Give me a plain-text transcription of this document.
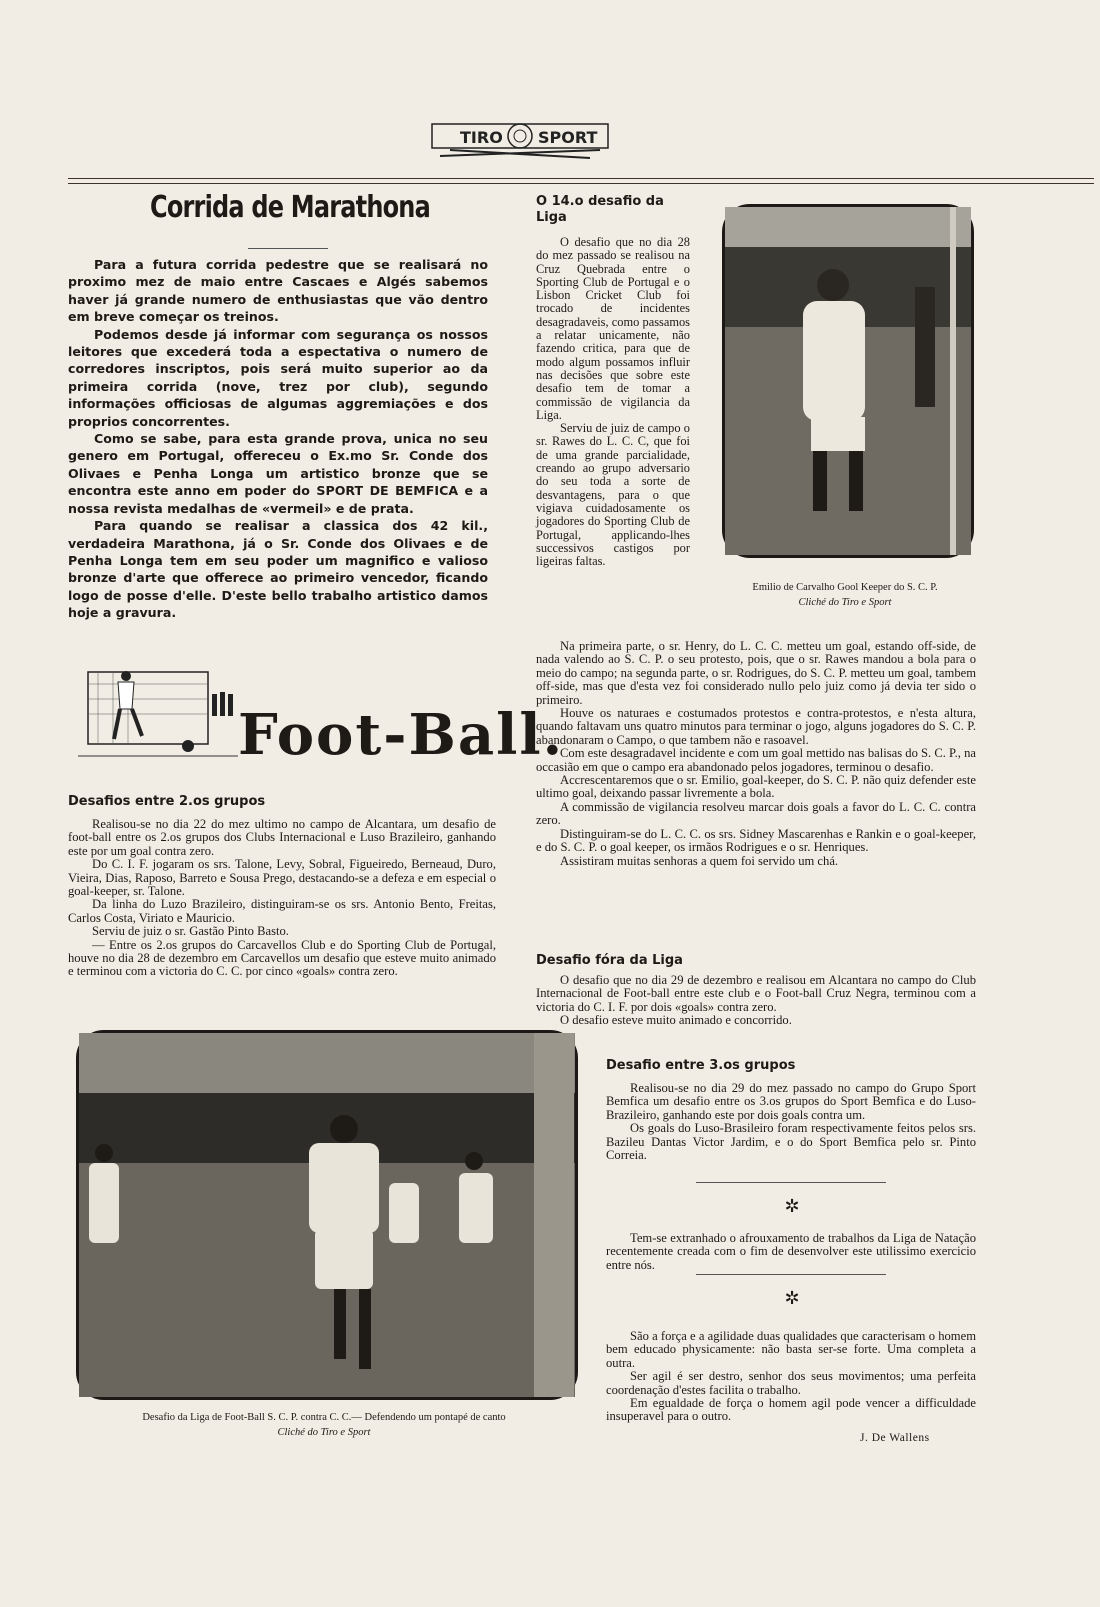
TIRO SPORT
Corrida de Marathona

Para a futura corrida pedestre que se realisará no proximo mez de maio entre Cascaes e Algés sabemos haver já grande numero de enthusiastas que vão dentro em breve começar os treinos.

Podemos desde já informar com segurança os nossos leitores que excederá toda a espectativa o numero de corredores inscriptos, pois será muito superior ao da primeira corrida (nove, trez por club), segundo informações officiosas de algumas aggremiações e dos proprios concorrentes.

Como se sabe, para esta grande prova, unica no seu genero em Portugal, offereceu o Ex.mo Sr. Conde dos Olivaes e Penha Longa um artistico bronze que se encontra este anno em poder do SPORT DE BEMFICA e a nossa revista medalhas de «vermeil» e de prata.

Para quando se realisar a classica dos 42 kil., verdadeira Marathona, já o Sr. Conde dos Olivaes e de Penha Longa tem em seu poder um magnifico e valioso bronze d'arte que offerece ao primeiro vencedor, ficando logo de posse d'elle. D'este bello trabalho artistico damos hoje a gravura.

Foot-Ball.
Desafios entre 2.os grupos

Realisou-se no dia 22 do mez ultimo no campo de Alcantara, um desafio de foot-ball entre os 2.os grupos dos Clubs Internacional e Luso Brazileiro, ganhando este por um goal contra zero.

Do C. I. F. jogaram os srs. Talone, Levy, Sobral, Figueiredo, Berneaud, Duro, Vieira, Dias, Raposo, Barreto e Sousa Prego, destacando-se a defeza e em especial o goal-keeper, sr. Talone.

Da linha do Luzo Brazileiro, distinguiram-se os srs. Antonio Bento, Freitas, Carlos Costa, Viriato e Mauricio.

Serviu de juiz o sr. Gastão Pinto Basto.

— Entre os 2.os grupos do Carcavellos Club e do Sporting Club de Portugal, houve no dia 28 de dezembro em Carcavellos um desafio que esteve muito animado e terminou com a victoria do C. C. por cinco «goals» contra zero.

Desafio da Liga de Foot-Ball S. C. P. contra C. C.— Defendendo um pontapé de canto
Cliché do Tiro e Sport
O 14.o desafio da Liga

O desafio que no dia 28 do mez passado se realisou na Cruz Quebrada entre o Sporting Club de Portugal e o Lisbon Cricket Club foi trocado de incidentes desagradaveis, como passamos a relatar unicamente, não fazendo critica, para que de modo algum possamos influir nas decisões que sobre este desafio tem de tomar a commissão de vigilancia da Liga.

Serviu de juiz de campo o sr. Rawes do L. C. C, que foi de uma grande parcialidade, creando ao grupo adversario do seu toda a sorte de desvantagens, para o que vigiava cuidadosamente os jogadores do Sporting Club de Portugal, applicando-lhes successivos castigos por ligeiras faltas.

Emilio de Carvalho Gool Keeper do S. C. P.
Cliché do Tiro e Sport

Na primeira parte, o sr. Henry, do L. C. C. metteu um goal, estando off-side, de nada valendo ao S. C. P. o seu protesto, pois, que o sr. Rawes mandou a bola para o meio do campo; na segunda parte, o sr. Rodrigues, do S. C. P. metteu um goal, tambem off-side, mas que d'esta vez foi considerado nullo pelo juiz como já devia ter sido o primeiro.

Houve os naturaes e costumados protestos e contra-protestos, e n'esta altura, quando faltavam uns quatro minutos para terminar o jogo, alguns jogadores do S. C. P. abandonaram o Campo, o que tambem não e rasoavel.

Com este desagradavel incidente e com um goal mettido nas balisas do S. C. P., na occasião em que o campo era abandonado pelos jogadores, terminou o desafio.

Accrescentaremos que o sr. Emilio, goal-keeper, do S. C. P. não quiz defender este ultimo goal, deixando passar livremente a bola.

A commissão de vigilancia resolveu marcar dois goals a favor do L. C. C. contra zero.

Distinguiram-se do L. C. C. os srs. Sidney Mascarenhas e Rankin e o goal-keeper, e do S. C. P. o goal keeper, os irmãos Rodrigues e o sr. Henriques.

Assistiram muitas senhoras a quem foi servido um chá.

Desafio fóra da Liga

O desafio que no dia 29 de dezembro e realisou em Alcantara no campo do Club Internacional de Foot-ball entre este club e o Foot-ball Cruz Negra, terminou com a victoria do C. I. F. por dois «goals» contra zero.

O desafio esteve muito animado e concorrido.

Desafio entre 3.os grupos

Realisou-se no dia 29 do mez passado no campo do Grupo Sport Bemfica um desafio entre os 3.os grupos do Sport Bemfica e do Luso-Brazileiro, ganhando este por dois goals contra um.

Os goals do Luso-Brasileiro foram respectivamente feitos pelos srs. Bazileu Dantas Victor Jardim, e o do Sport Bemfica pelo sr. Pinto Correia.

✲

Tem-se extranhado o afrouxamento de trabalhos da Liga de Natação recentemente creada com o fim de desenvolver este utilissimo exercicio entre nós.

✲

São a força e a agilidade duas qualidades que caracterisam o homem bem educado physicamente: não basta ser-se forte. Uma completa a outra.

Ser agil é ser destro, senhor dos seus movimentos; uma perfeita coordenação d'estes facilita o trabalho.

Em egualdade de força o homem agil pode vencer a difficuldade insuperavel para o outro.

J. De Wallens
